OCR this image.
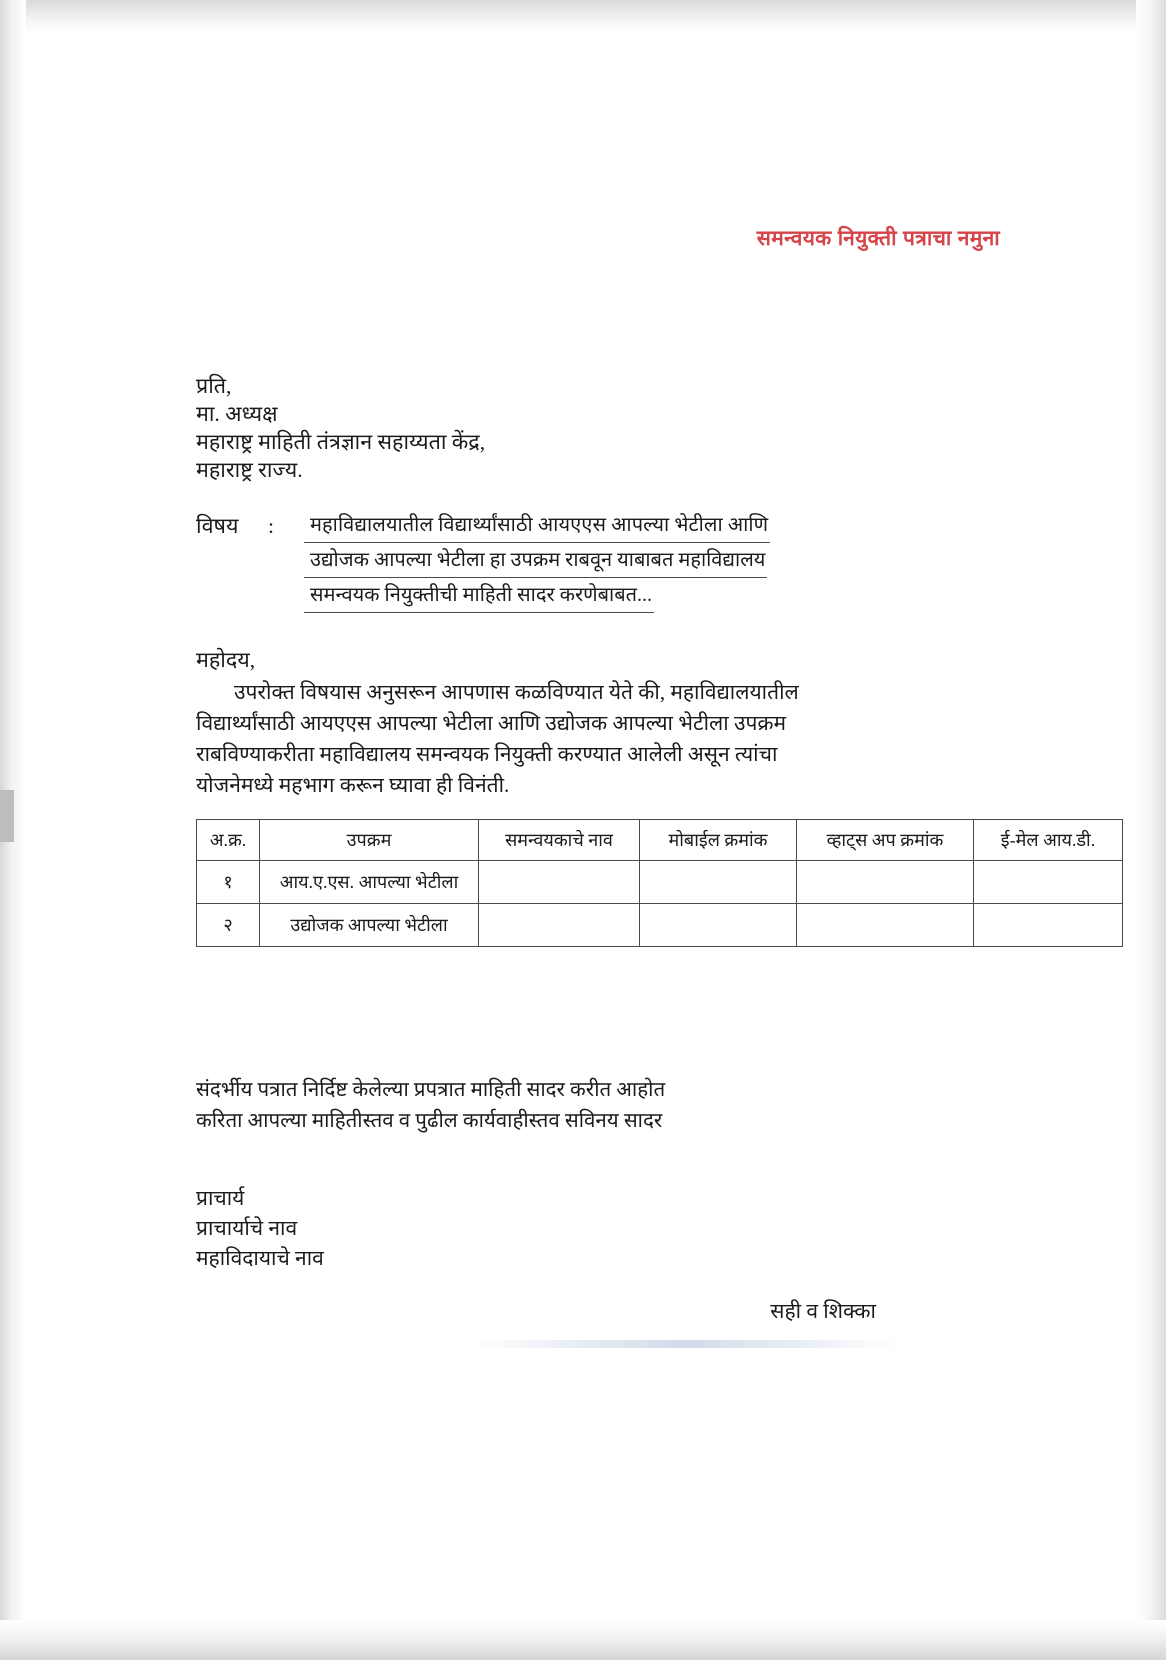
समन्वयक नियुक्ती पत्राचा नमुना
प्रति,
मा. अध्यक्ष
महाराष्ट्र माहिती तंत्रज्ञान सहाय्यता केंद्र,
महाराष्ट्र राज्य.
विषय	:	महाविद्यालयातील विद्यार्थ्यांसाठी आयएएस आपल्या भेटीला आणि
उद्योजक आपल्या भेटीला हा उपक्रम राबवून याबाबत महाविद्यालय
समन्वयक नियुक्तीची माहिती सादर करणेबाबत...
महोदय,
उपरोक्त विषयास अनुसरून आपणास कळविण्यात येते की, महाविद्यालयातील
विद्यार्थ्यांसाठी आयएएस आपल्या भेटीला आणि उद्योजक आपल्या भेटीला उपक्रम
राबविण्याकरीता महाविद्यालय समन्वयक नियुक्ती करण्यात आलेली असून त्यांचा
योजनेमध्ये महभाग करून घ्यावा ही विनंती.
अ.क्र.	उपक्रम	समन्वयकाचे नाव	मोबाईल क्रमांक	व्हाट्स अप क्रमांक	ई-मेल आय.डी.
१	आय.ए.एस. आपल्या भेटीला				
२	उद्योजक आपल्या भेटीला				
संदर्भीय पत्रात निर्दिष्ट केलेल्या प्रपत्रात माहिती सादर करीत आहोत
करिता आपल्या माहितीस्तव व पुढील कार्यवाहीस्तव सविनय सादर
प्राचार्य
प्राचार्याचे नाव
महाविदायाचे नाव
सही व शिक्का
